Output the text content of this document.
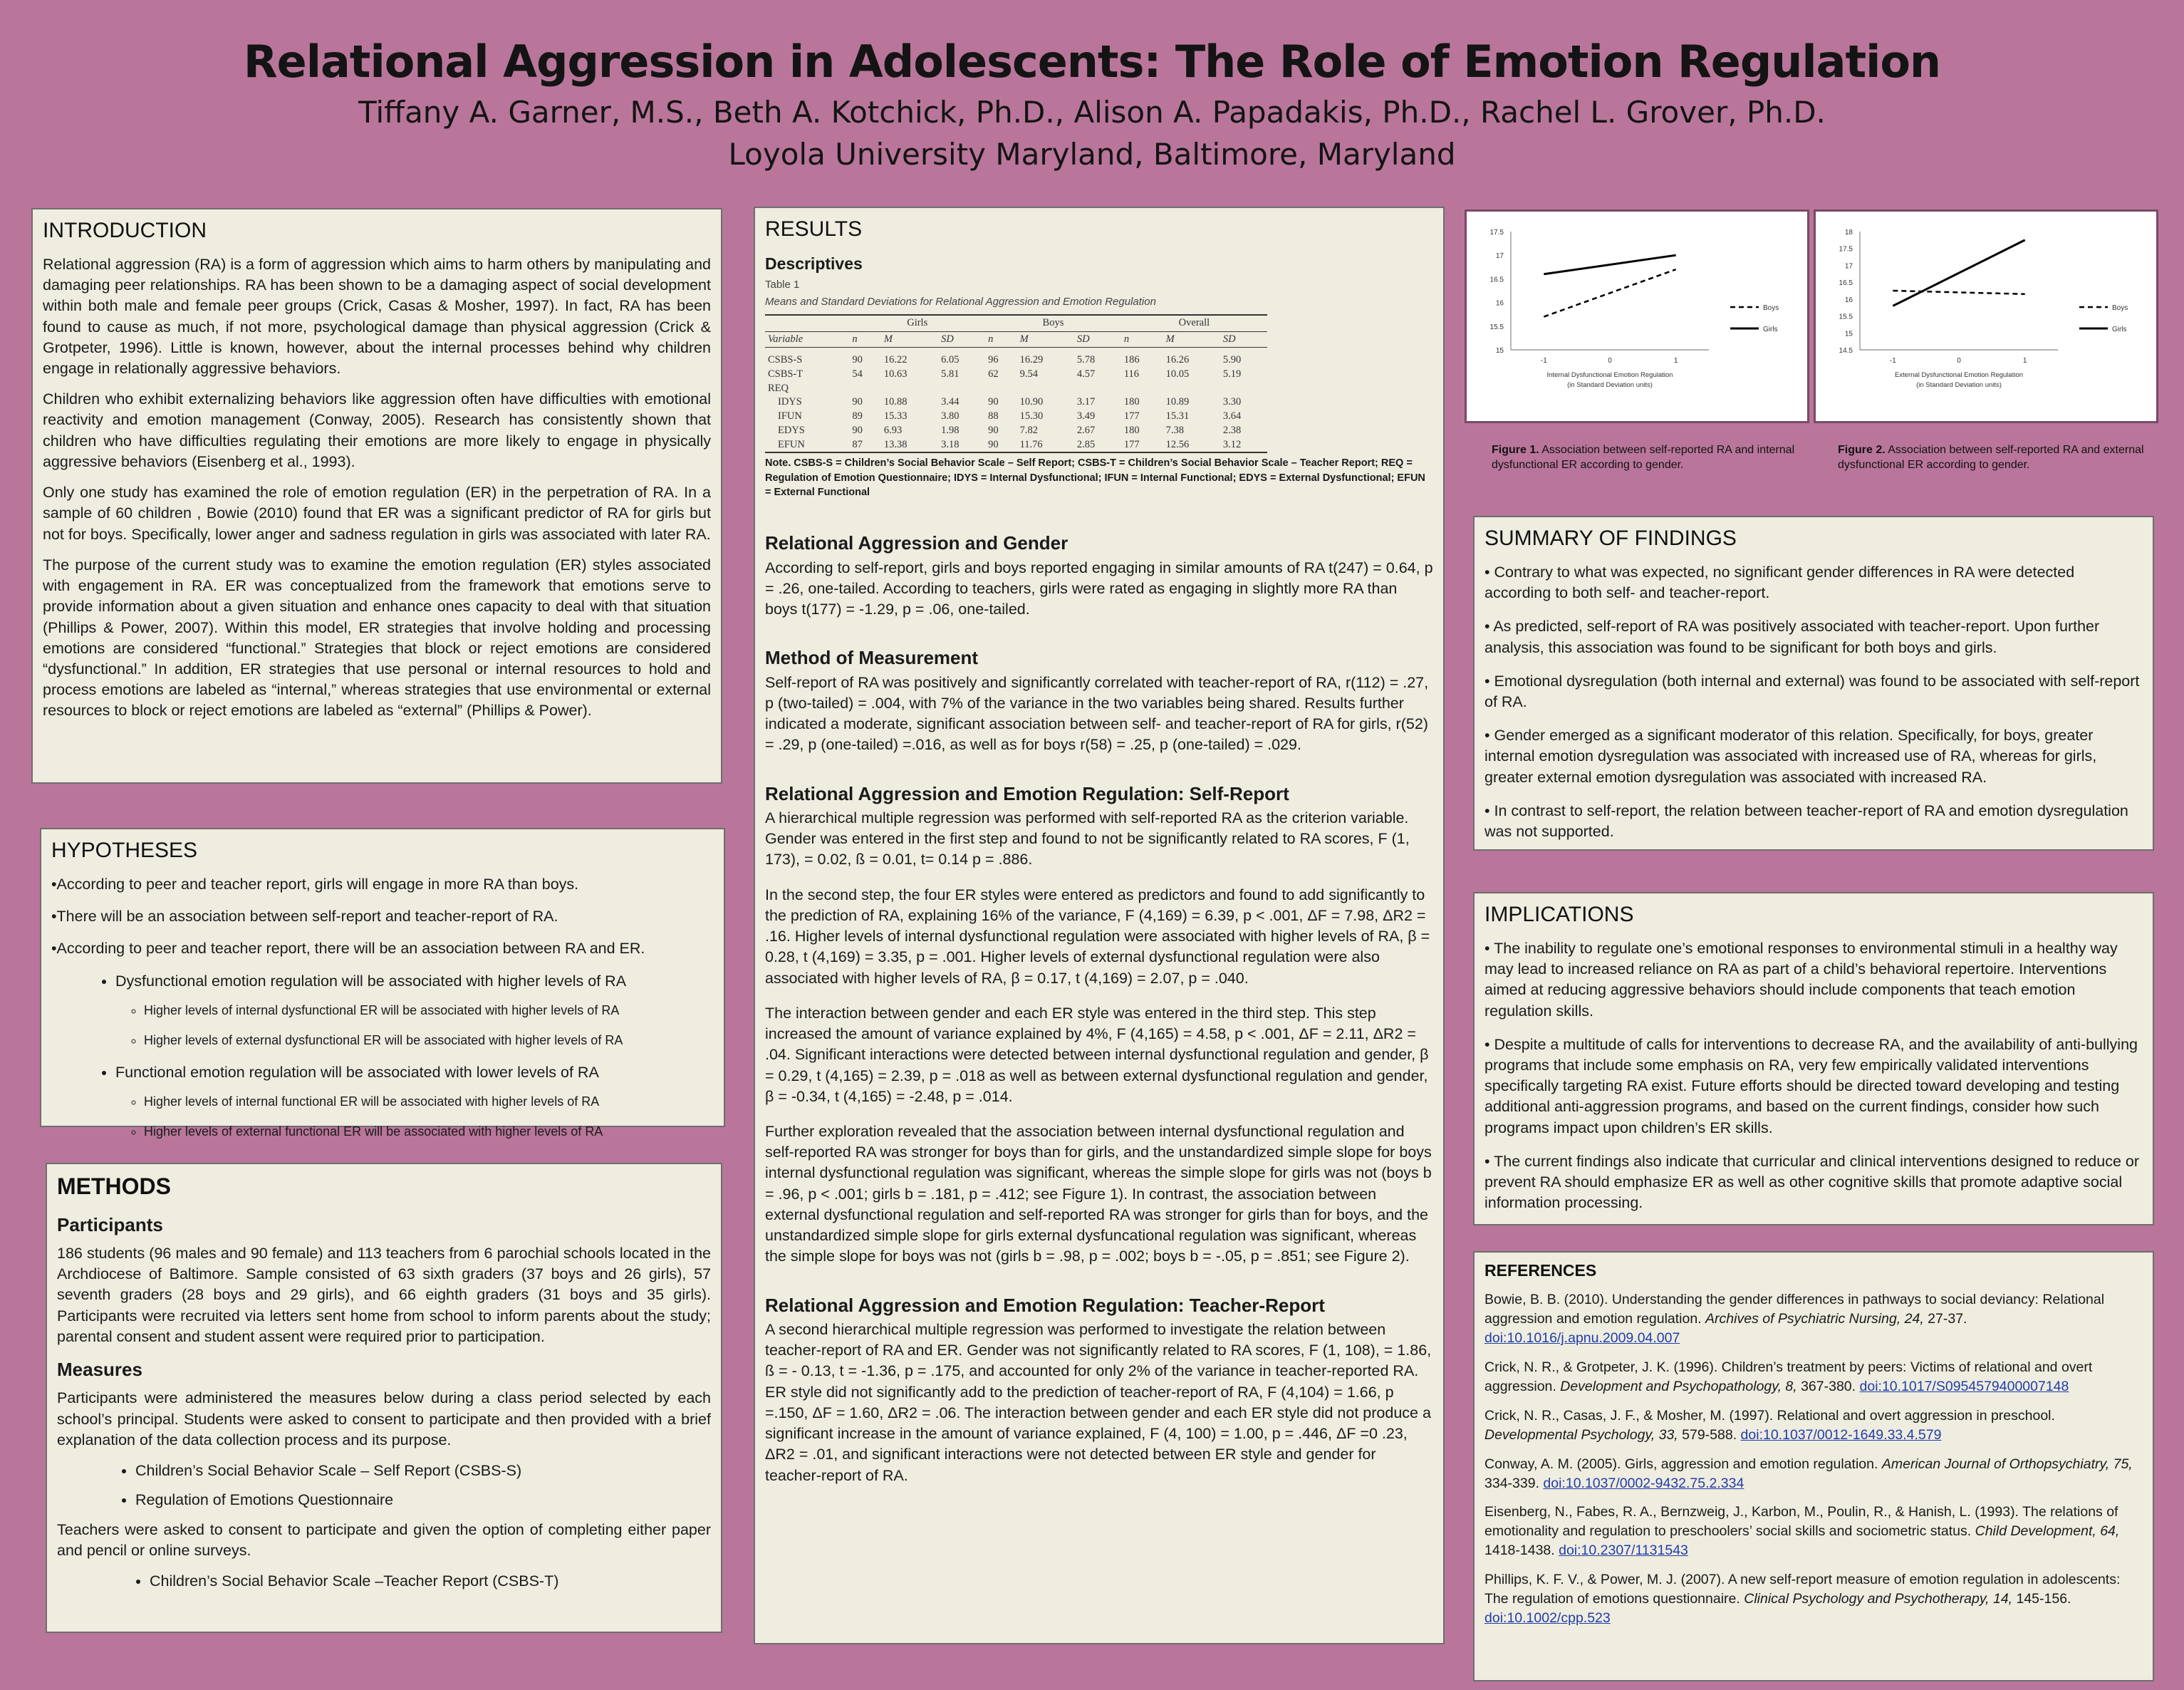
Relational Aggression in Adolescents: The Role of Emotion Regulation
Tiffany A. Garner, M.S., Beth A. Kotchick, Ph.D., Alison A. Papadakis, Ph.D., Rachel L. Grover, Ph.D.
Loyola University Maryland, Baltimore, Maryland
INTRODUCTION

Relational aggression (RA) is a form of aggression which aims to harm others by manipulating and damaging peer relationships. RA has been shown to be a damaging aspect of social development within both male and female peer groups (Crick, Casas & Mosher, 1997). In fact, RA has been found to cause as much, if not more, psychological damage than physical aggression (Crick & Grotpeter, 1996). Little is known, however, about the internal processes behind why children engage in relationally aggressive behaviors.

Children who exhibit externalizing behaviors like aggression often have difficulties with emotional reactivity and emotion management (Conway, 2005). Research has consistently shown that children who have difficulties regulating their emotions are more likely to engage in physically aggressive behaviors (Eisenberg et al., 1993).

Only one study has examined the role of emotion regulation (ER) in the perpetration of RA. In a sample of 60 children , Bowie (2010) found that ER was a significant predictor of RA for girls but not for boys. Specifically, lower anger and sadness regulation in girls was associated with later RA.

The purpose of the current study was to examine the emotion regulation (ER) styles associated with engagement in RA. ER was conceptualized from the framework that emotions serve to provide information about a given situation and enhance ones capacity to deal with that situation (Phillips & Power, 2007). Within this model, ER strategies that involve holding and processing emotions are considered “functional.” Strategies that block or reject emotions are considered “dysfunctional.” In addition, ER strategies that use personal or internal resources to hold and process emotions are labeled as “internal,” whereas strategies that use environmental or external resources to block or reject emotions are labeled as “external” (Phillips & Power).

HYPOTHESES

•According to peer and teacher report, girls will engage in more RA than boys.

•There will be an association between self-report and teacher-report of RA.

•According to peer and teacher report, there will be an association between RA and ER.

• Dysfunctional emotion regulation will be associated with higher levels of RA
◦ Higher levels of internal dysfunctional ER will be associated with higher levels of RA
◦ Higher levels of external dysfunctional ER will be associated with higher levels of RA
• Functional emotion regulation will be associated with lower levels of RA
◦ Higher levels of internal functional ER will be associated with higher levels of RA
◦ Higher levels of external functional ER will be associated with higher levels of RA
METHODS
Participants

186 students (96 males and 90 female) and 113 teachers from 6 parochial schools located in the Archdiocese of Baltimore. Sample consisted of 63 sixth graders (37 boys and 26 girls), 57 seventh graders (28 boys and 29 girls), and 66 eighth graders (31 boys and 35 girls). Participants were recruited via letters sent home from school to inform parents about the study; parental consent and student assent were required prior to participation.

Measures

Participants were administered the measures below during a class period selected by each school’s principal. Students were asked to consent to participate and then provided with a brief explanation of the data collection process and its purpose.

• Children’s Social Behavior Scale – Self Report (CSBS-S)
• Regulation of Emotions Questionnaire

Teachers were asked to consent to participate and given the option of completing either paper and pencil or online surveys.

• Children’s Social Behavior Scale –Teacher Report (CSBS-T)
RESULTS
Descriptives
Table 1
Means and Standard Deviations for Relational Aggression and Emotion Regulation
	Girls			Boys			Overall		
Variable	n	M	SD	n	M	SD	n	M	SD

CSBS-S	90	16.22	6.05	96	16.29	5.78	186	16.26	5.90
CSBS-T	54	10.63	5.81	62	9.54	4.57	116	10.05	5.19
REQ									
IDYS	90	10.88	3.44	90	10.90	3.17	180	10.89	3.30
IFUN	89	15.33	3.80	88	15.30	3.49	177	15.31	3.64
EDYS	90	6.93	1.98	90	7.82	2.67	180	7.38	2.38
EFUN	87	13.38	3.18	90	11.76	2.85	177	12.56	3.12

Note. CSBS-S = Children’s Social Behavior Scale – Self Report; CSBS-T = Children’s Social Behavior Scale – Teacher Report; REQ = Regulation of Emotion Questionnaire; IDYS = Internal Dysfunctional; IFUN = Internal Functional; EDYS = External Dysfunctional; EFUN = External Functional

Relational Aggression and Gender

According to self-report, girls and boys reported engaging in similar amounts of RA t(247) = 0.64, p = .26, one-tailed. According to teachers, girls were rated as engaging in slightly more RA than boys t(177) = -1.29, p = .06, one-tailed.

Method of Measurement

Self-report of RA was positively and significantly correlated with teacher-report of RA, r(112) = .27, p (two-tailed) = .004, with 7% of the variance in the two variables being shared. Results further indicated a moderate, significant association between self- and teacher-report of RA for girls, r(52) = .29, p (one-tailed) =.016, as well as for boys r(58) = .25, p (one-tailed) = .029.

Relational Aggression and Emotion Regulation: Self-Report

A hierarchical multiple regression was performed with self-reported RA as the criterion variable. Gender was entered in the first step and found to not be significantly related to RA scores, F (1, 173), = 0.02, ß = 0.01, t= 0.14 p = .886.

In the second step, the four ER styles were entered as predictors and found to add significantly to the prediction of RA, explaining 16% of the variance, F (4,169) = 6.39, p < .001, ΔF = 7.98, ΔR2 = .16. Higher levels of internal dysfunctional regulation were associated with higher levels of RA, β = 0.28, t (4,169) = 3.35, p = .001. Higher levels of external dysfunctional regulation were also associated with higher levels of RA, β = 0.17, t (4,169) = 2.07, p = .040.

The interaction between gender and each ER style was entered in the third step. This step increased the amount of variance explained by 4%, F (4,165) = 4.58, p < .001, ΔF = 2.11, ΔR2 = .04. Significant interactions were detected between internal dysfunctional regulation and gender, β = 0.29, t (4,165) = 2.39, p = .018 as well as between external dysfunctional regulation and gender, β = -0.34, t (4,165) = -2.48, p = .014.

Further exploration revealed that the association between internal dysfunctional regulation and self-reported RA was stronger for boys than for girls, and the unstandardized simple slope for boys internal dysfunctional regulation was significant, whereas the simple slope for girls was not (boys b = .96, p < .001; girls b = .181, p = .412; see Figure 1). In contrast, the association between external dysfunctional regulation and self-reported RA was stronger for girls than for boys, and the unstandardized simple slope for girls external dysfuncational regulation was significant, whereas the simple slope for boys was not (girls b = .98, p = .002; boys b = -.05, p = .851; see Figure 2).

Relational Aggression and Emotion Regulation: Teacher-Report

A second hierarchical multiple regression was performed to investigate the relation between teacher-report of RA and ER. Gender was not significantly related to RA scores, F (1, 108), = 1.86, ß = - 0.13, t = -1.36, p = .175, and accounted for only 2% of the variance in teacher-reported RA. ER style did not significantly add to the prediction of teacher-report of RA, F (4,104) = 1.66, p =.150, ΔF = 1.60, ΔR2 = .06. The interaction between gender and each ER style did not produce a significant increase in the amount of variance explained, F (4, 100) = 1.00, p = .446, ΔF =0 .23, ΔR2 = .01, and significant interactions were not detected between ER style and gender for teacher-report of RA.

15
15.5
16
16.5
17
17.5
-1	0	1
Internal Dysfunctional Emotion Regulation
(in Standard Deviation units)
Boys
Girls
14.5
15
15.5
16
16.5
17
17.5
18
-1	0	1
External Dysfunctional Emotion Regulation
(in Standard Deviation units)
Boys
Girls
Figure 1. Association between self-reported RA and internal dysfunctional ER according to gender.
Figure 2. Association between self-reported RA and external dysfunctional ER according to gender.
SUMMARY OF FINDINGS

• Contrary to what was expected, no significant gender differences in RA were detected according to both self- and teacher-report.

• As predicted, self-report of RA was positively associated with teacher-report. Upon further analysis, this association was found to be significant for both boys and girls.

• Emotional dysregulation (both internal and external) was found to be associated with self-report of RA.

• Gender emerged as a significant moderator of this relation. Specifically, for boys, greater internal emotion dysregulation was associated with increased use of RA, whereas for girls, greater external emotion dysregulation was associated with increased RA.

• In contrast to self-report, the relation between teacher-report of RA and emotion dysregulation was not supported.

IMPLICATIONS

• The inability to regulate one’s emotional responses to environmental stimuli in a healthy way may lead to increased reliance on RA as part of a child’s behavioral repertoire. Interventions aimed at reducing aggressive behaviors should include components that teach emotion regulation skills.

• Despite a multitude of calls for interventions to decrease RA, and the availability of anti-bullying programs that include some emphasis on RA, very few empirically validated interventions specifically targeting RA exist. Future efforts should be directed toward developing and testing additional anti-aggression programs, and based on the current findings, consider how such programs impact upon children’s ER skills.

• The current findings also indicate that curricular and clinical interventions designed to reduce or prevent RA should emphasize ER as well as other cognitive skills that promote adaptive social information processing.

REFERENCES

Bowie, B. B. (2010). Understanding the gender differences in pathways to social deviancy: Relational aggression and emotion regulation. Archives of Psychiatric Nursing, 24, 27-37. doi:10.1016/j.apnu.2009.04.007

Crick, N. R., & Grotpeter, J. K. (1996). Children’s treatment by peers: Victims of relational and overt aggression. Development and Psychopathology, 8, 367-380. doi:10.1017/S0954579400007148

Crick, N. R., Casas, J. F., & Mosher, M. (1997). Relational and overt aggression in preschool. Developmental Psychology, 33, 579-588. doi:10.1037/0012-1649.33.4.579

Conway, A. M. (2005). Girls, aggression and emotion regulation. American Journal of Orthopsychiatry, 75, 334-339. doi:10.1037/0002-9432.75.2.334

Eisenberg, N., Fabes, R. A., Bernzweig, J., Karbon, M., Poulin, R., & Hanish, L. (1993). The relations of emotionality and regulation to preschoolers’ social skills and sociometric status. Child Development, 64, 1418-1438. doi:10.2307/1131543

Phillips, K. F. V., & Power, M. J. (2007). A new self-report measure of emotion regulation in adolescents: The regulation of emotions questionnaire. Clinical Psychology and Psychotherapy, 14, 145-156. doi:10.1002/cpp.523
